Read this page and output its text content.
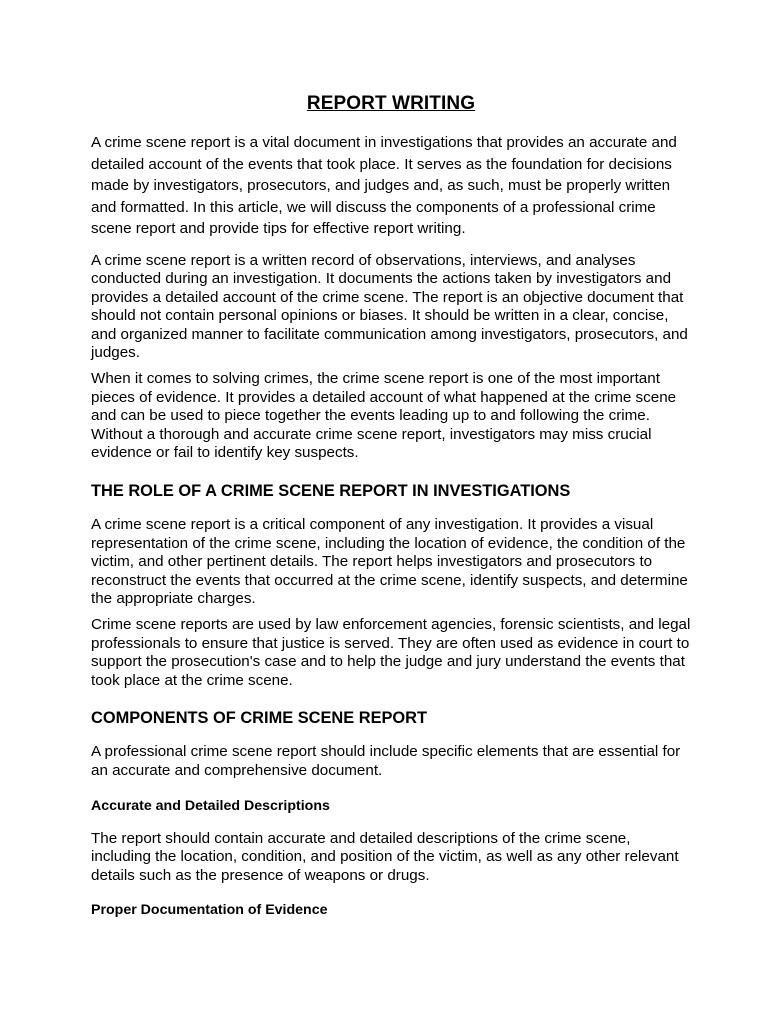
REPORT WRITING

A crime scene report is a vital document in investigations that provides an accurate and detailed account of the events that took place. It serves as the foundation for decisions made by investigators, prosecutors, and judges and, as such, must be properly written and formatted. In this article, we will discuss the components of a professional crime scene report and provide tips for effective report writing.

A crime scene report is a written record of observations, interviews, and analyses conducted during an investigation. It documents the actions taken by investigators and provides a detailed account of the crime scene. The report is an objective document that should not contain personal opinions or biases. It should be written in a clear, concise, and organized manner to facilitate communication among investigators, prosecutors, and judges.

When it comes to solving crimes, the crime scene report is one of the most important pieces of evidence. It provides a detailed account of what happened at the crime scene and can be used to piece together the events leading up to and following the crime. Without a thorough and accurate crime scene report, investigators may miss crucial evidence or fail to identify key suspects.

THE ROLE OF A CRIME SCENE REPORT IN INVESTIGATIONS

A crime scene report is a critical component of any investigation. It provides a visual representation of the crime scene, including the location of evidence, the condition of the victim, and other pertinent details. The report helps investigators and prosecutors to reconstruct the events that occurred at the crime scene, identify suspects, and determine the appropriate charges.

Crime scene reports are used by law enforcement agencies, forensic scientists, and legal professionals to ensure that justice is served. They are often used as evidence in court to support the prosecution's case and to help the judge and jury understand the events that took place at the crime scene.

COMPONENTS OF CRIME SCENE REPORT

A professional crime scene report should include specific elements that are essential for an accurate and comprehensive document.

Accurate and Detailed Descriptions

The report should contain accurate and detailed descriptions of the crime scene, including the location, condition, and position of the victim, as well as any other relevant details such as the presence of weapons or drugs.

Proper Documentation of Evidence
